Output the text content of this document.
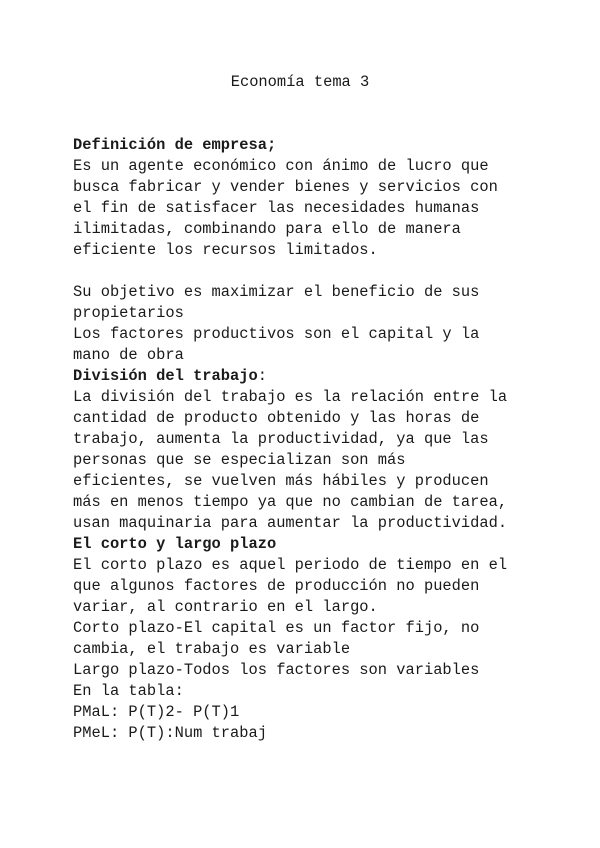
Economía tema 3
Definición de empresa;
Es un agente económico con ánimo de lucro que
busca fabricar y vender bienes y servicios con
el fin de satisfacer las necesidades humanas
ilimitadas, combinando para ello de manera
eficiente los recursos limitados.
Su objetivo es maximizar el beneficio de sus
propietarios
Los factores productivos son el capital y la
mano de obra
División del trabajo:
La división del trabajo es la relación entre la
cantidad de producto obtenido y las horas de
trabajo, aumenta la productividad, ya que las
personas que se especializan son más
eficientes, se vuelven más hábiles y producen
más en menos tiempo ya que no cambian de tarea,
usan maquinaria para aumentar la productividad.
El corto y largo plazo
El corto plazo es aquel periodo de tiempo en el
que algunos factores de producción no pueden
variar, al contrario en el largo.
Corto plazo-El capital es un factor fijo, no
cambia, el trabajo es variable
Largo plazo-Todos los factores son variables
En la tabla:
PMaL: P(T)2- P(T)1
PMeL: P(T):Num trabaj
